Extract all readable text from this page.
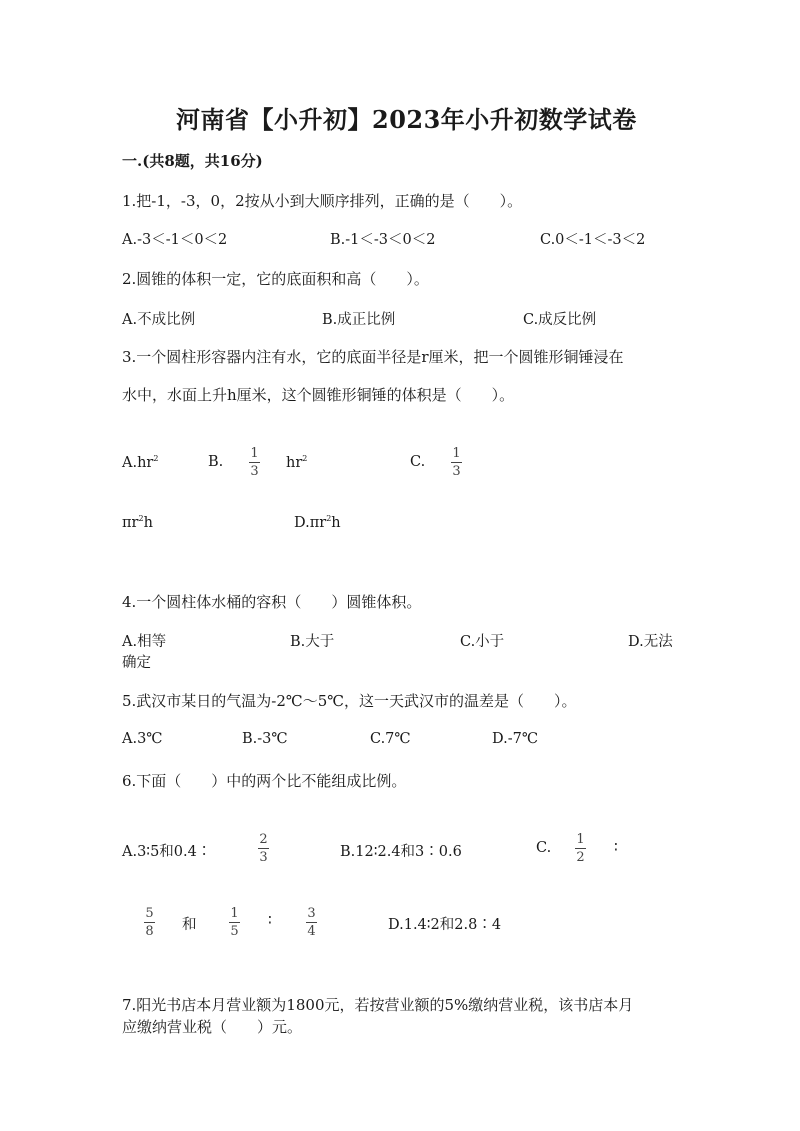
河南省【小升初】2023年小升初数学试卷
一.(共8题，共16分)
1.把-1，-3，0，2按从小到大顺序排列，正确的是（　　）。
A.-3＜-1＜0＜2	B.-1＜-3＜0＜2	C.0＜-1＜-3＜2
2.圆锥的体积一定，它的底面积和高（　　）。
A.不成比例	B.成正比例	C.成反比例
3.一个圆柱形容器内注有水，它的底面半径是r厘米，把一个圆锥形铜锤浸在
水中，水面上升h厘米，这个圆锥形铜锤的体积是（　　）。
$A.hr^2$	B.
1
3
$hr^2$	C.
1
3
$\pi r^2h$	$D.\pi r^2h$
4.一个圆柱体水桶的容积（　　）圆锥体积。
A.相等	B.大于	C.小于	D.无法
确定
5.武汉市某日的气温为-2℃～5℃，这一天武汉市的温差是（　　）。
A.3℃	B.-3℃	C.7℃	D.-7℃
6.下面（　　）中的两个比不能组成比例。
A.3∶5和0.4∶
2
3	B.12∶2.4和3∶0.6	C.
1
2
∶
5
8 和
1
5
∶	3
4	D.1.4∶2和2.8∶4
7.阳光书店本月营业额为1800元，若按营业额的5%缴纳营业税，该书店本月
应缴纳营业税（　　）元。
